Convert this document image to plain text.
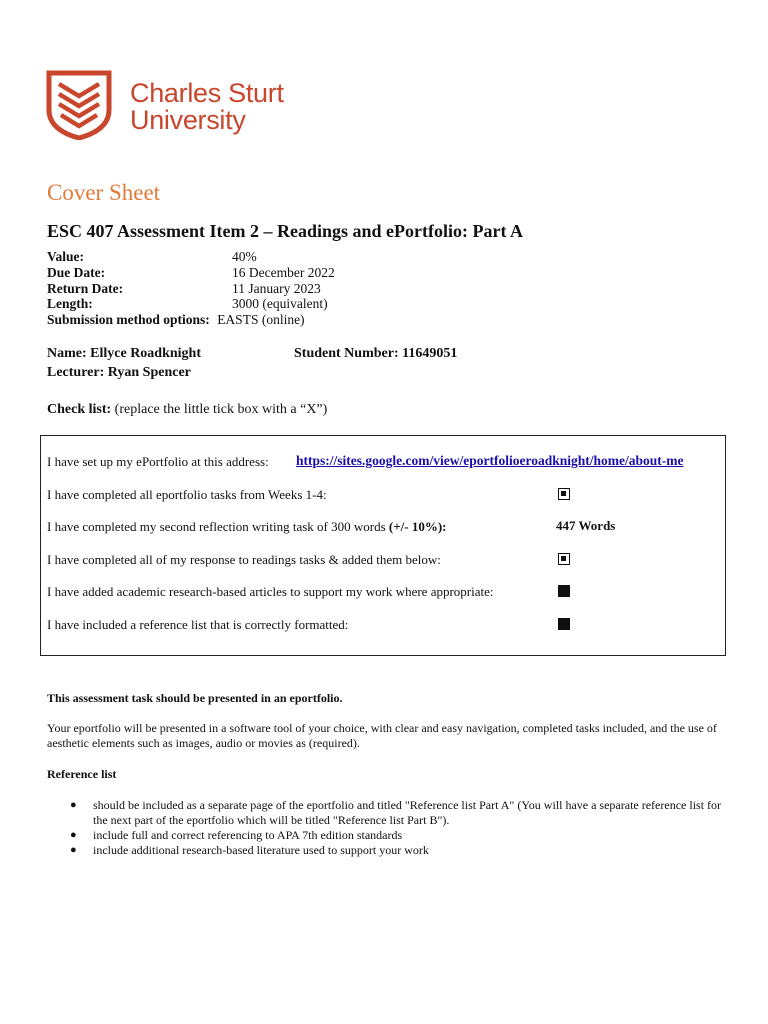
Charles Sturt
University
Cover Sheet
ESC 407 Assessment Item 2 – Readings and ePortfolio: Part A
Value:	40%
Due Date:	16 December 2022
Return Date:	11 January 2023
Length:	3000 (equivalent)
Submission method options: EASTS (online)
Name: Ellyce Roadknight	Student Number: 11649051
Lecturer: Ryan Spencer
Check list: (replace the little tick box with a “X”)
I have set up my ePortfolio at this address: https://sites.google.com/view/eportfolioeroadknight/home/about-me
I have completed all eportfolio tasks from Weeks 1-4:
I have completed my second reflection writing task of 300 words (+/- 10%):	447 Words
I have completed all of my response to readings tasks & added them below:
I have added academic research-based articles to support my work where appropriate:
I have included a reference list that is correctly formatted:
This assessment task should be presented in an eportfolio.
Your eportfolio will be presented in a software tool of your choice, with clear and easy navigation, completed tasks included, and the use of aesthetic elements such as images, audio or movies as (required).
Reference list
● should be included as a separate page of the eportfolio and titled "Reference list Part A" (You will have a separate reference list for the next part of the eportfolio which will be titled "Reference list Part B").
● include full and correct referencing to APA 7th edition standards
● include additional research-based literature used to support your work
